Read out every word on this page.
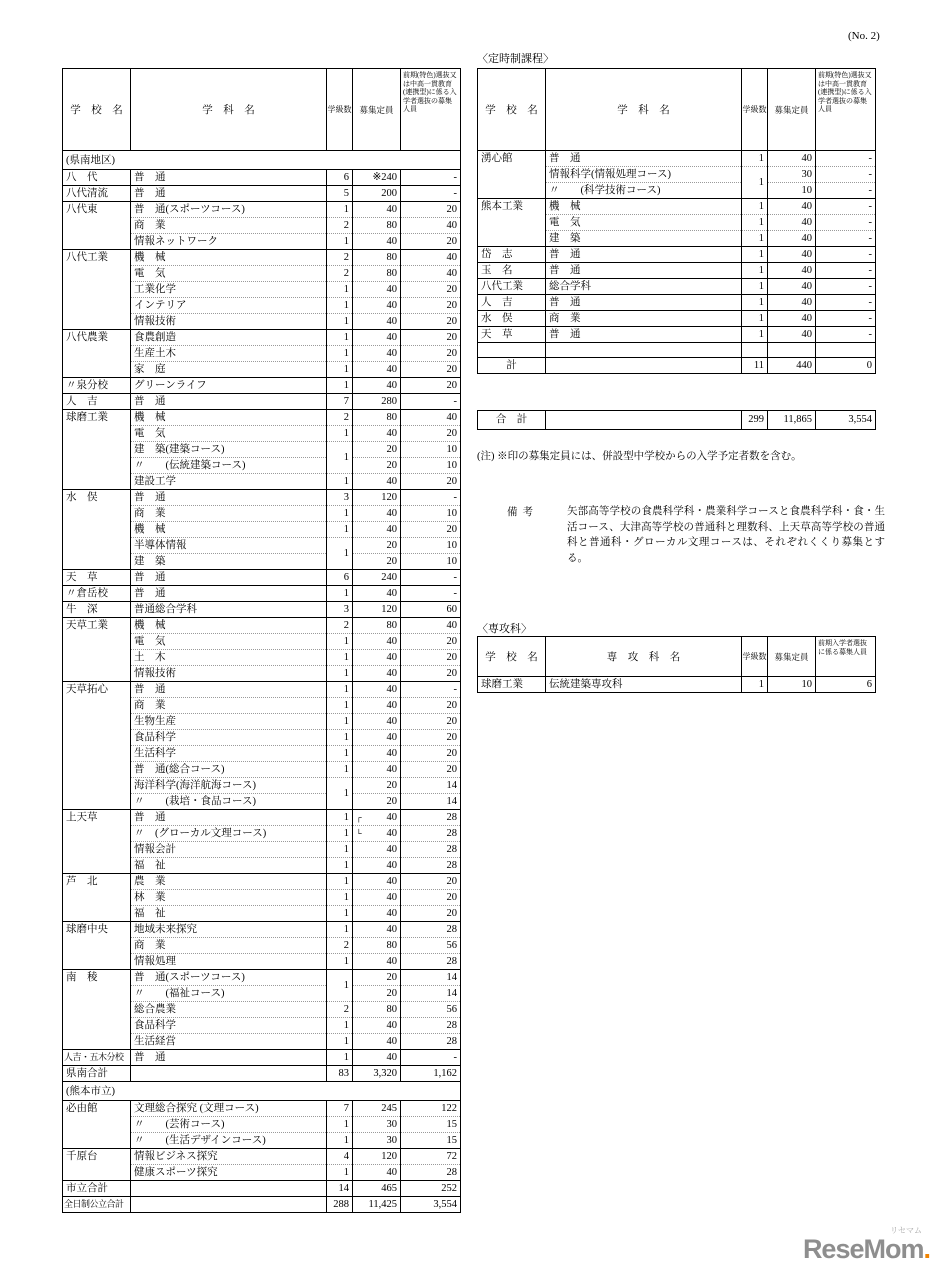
(No. 2)
学　校　名	学　科　名	学級数	募集定員	前期(特色)選抜又は中高一貫教育(連携型)に係る入学者選抜の募集人員
(県南地区)				
八　代	普　通	6	※240	-
八代清流	普　通	5	200	-
八代東	普　通(スポーツコース)	1	40	20
	商　業	2	80	40
	情報ネットワーク	1	40	20
八代工業	機　械	2	80	40
	電　気	2	80	40
	工業化学	1	40	20
	インテリア	1	40	20
	情報技術	1	40	20
八代農業	食農創造	1	40	20
	生産土木	1	40	20
	家　庭	1	40	20
〃泉分校	グリーンライフ	1	40	20
人　吉	普　通	7	280	-
球磨工業	機　械	2	80	40
	電　気	1	40	20
	建　築(建築コース)	1	20	10
	〃　　(伝統建築コース)		20	10
	建設工学	1	40	20
水　俣	普　通	3	120	-
	商　業	1	40	10
	機　械	1	40	20
	半導体情報	1	20	10
	建　築		20	10
天　草	普　通	6	240	-
〃倉岳校	普　通	1	40	-
牛　深	普通総合学科	3	120	60
天草工業	機　械	2	80	40
	電　気	1	40	20
	土　木	1	40	20
	情報技術	1	40	20
天草拓心	普　通	1	40	-
	商　業	1	40	20
	生物生産	1	40	20
	食品科学	1	40	20
	生活科学	1	40	20
	普　通(総合コース)	1	40	20
	海洋科学(海洋航海コース)	1	20	14
	〃　　(栽培・食品コース)		20	14
上天草	普　通	1	┌ 40	28
	〃　(グローカル文理コース)	1	└ 40	28
	情報会計	1	40	28
	福　祉	1	40	28
芦　北	農　業	1	40	20
	林　業	1	40	20
	福　祉	1	40	20
球磨中央	地域未来探究	1	40	28
	商　業	2	80	56
	情報処理	1	40	28
南　稜	普　通(スポーツコース)	1	20	14
	〃　　(福祉コース)		20	14
	総合農業	2	80	56
	食品科学	1	40	28
	生活経営	1	40	28
人吉・五木分校	普　通	1	40	-
県南合計		83	3,320	1,162
(熊本市立)				
必由館	文理総合探究 (文理コース)	7	245	122
	〃　　(芸術コース)	1	30	15
	〃　　(生活デザインコース)	1	30	15
千原台	情報ビジネス探究	4	120	72
	健康スポーツ探究	1	40	28
市立合計		14	465	252
全日制公立合計		288	11,425	3,554
〈定時制課程〉
学　校　名	学　科　名	学級数	募集定員	前期(特色)選抜又は中高一貫教育(連携型)に係る入学者選抜の募集人員
湧心館	普　通	1	40	-
	情報科学(情報処理コース)	1	30	-
	〃　　(科学技術コース)		10	-
熊本工業	機　械	1	40	-
	電　気	1	40	-
	建　築	1	40	-
岱　志	普　通	1	40	-
玉　名	普　通	1	40	-
八代工業	総合学科	1	40	-
人　吉	普　通	1	40	-
水　俣	商　業	1	40	-
天　草	普　通	1	40	-

計		11	440	0
合　計		299	11,865	3,554
(注) ※印の募集定員には、併設型中学校からの入学予定者数を含む。
備考	矢部高等学校の食農科学科・農業科学コースと食農科学科・食・生活コース、大津高等学校の普通科と理数科、上天草高等学校の普通科と普通科・グローカル文理コースは、それぞれくくり募集とする。
〈専攻科〉
学　校　名	専　攻　科　名	学級数	募集定員	前期入学者選抜に係る募集人員
球磨工業	伝統建築専攻科	1	10	6
リセマム
ReseMom.
